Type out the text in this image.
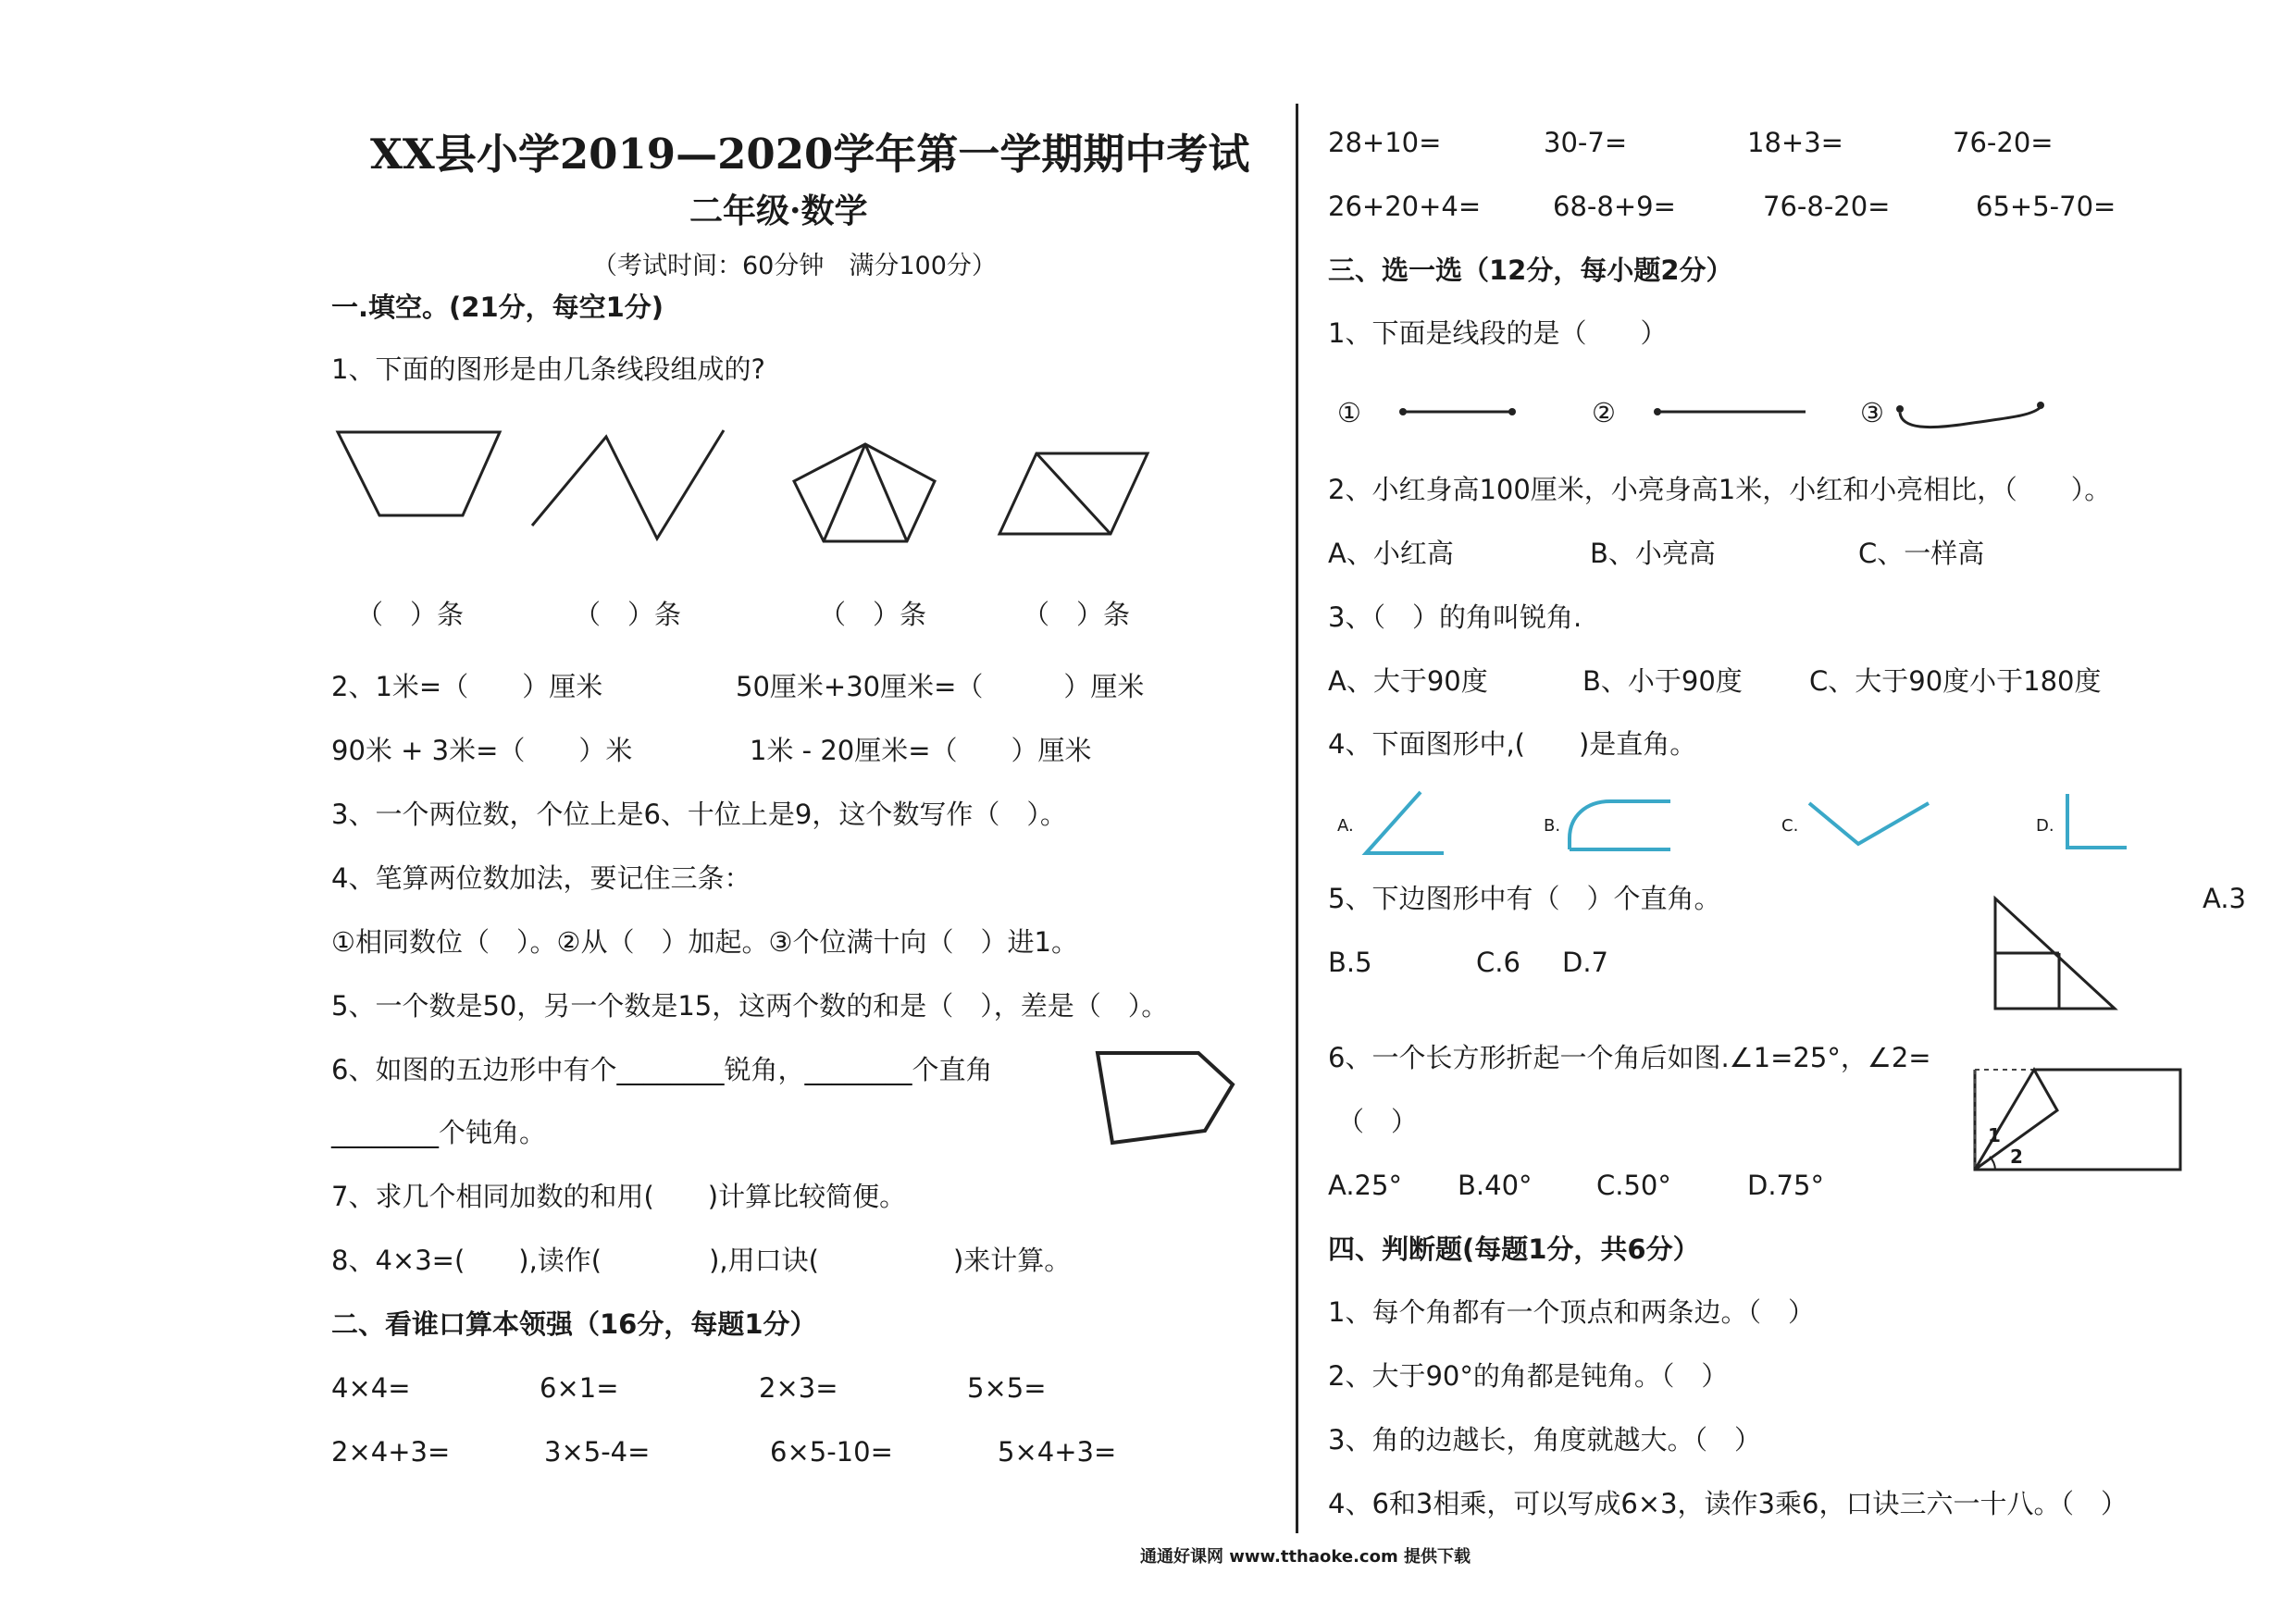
XX县小学2019—2020学年第一学期期中考试
二年级·数学
（考试时间：60分钟　满分100分）
一.填空。(21分，每空1分)
1、下面的图形是由几条线段组成的?
（　）条	（　）条	（　）条	（　）条
2、1米=（　　）厘米	50厘米+30厘米=（　　　）厘米
90米 + 3米=（　　）米	1米 - 20厘米=（　　）厘米
3、一个两位数，个位上是6、十位上是9，这个数写作（　）。
4、笔算两位数加法，要记住三条：
①相同数位（　）。②从（　）加起。③个位满十向（　）进1。
5、一个数是50，另一个数是15，这两个数的和是（　），差是（　）。
6、如图的五边形中有个________锐角，________个直角
________个钝角。
7、求几个相同加数的和用(　　)计算比较简便。
8、4×3=(　　),读作(　　　　),用口诀(　　　　　)来计算。
二、看谁口算本领强（16分，每题1分）
4×4=	6×1=	2×3=	5×5=
2×4+3=	3×5-4=	6×5-10=	5×4+3=
28+10=	30-7=	18+3=	76-20=
26+20+4=	68-8+9=	76-8-20=	65+5-70=
三、选一选（12分，每小题2分）
1、下面是线段的是（　　）
①	②	③
2、小红身高100厘米，小亮身高1米，小红和小亮相比，（　　）。
A、小红高	B、小亮高	C、一样高
3、（　）的角叫锐角.
A、大于90度	B、小于90度 C、大于90度小于180度
4、下面图形中,(　　)是直角。
A.	B.	C.	D.
5、下边图形中有（　）个直角。	A.3
B.5	C.6 D.7
6、一个长方形折起一个角后如图.∠1=25°，∠2=
（　）	1
2
A.25° B.40° C.50°	D.75°
四、判断题(每题1分，共6分）
1、每个角都有一个顶点和两条边。（　）
2、大于90°的角都是钝角。（　）
3、角的边越长，角度就越大。（　）
4、6和3相乘，可以写成6×3，读作3乘6，口诀三六一十八。（　）
通通好课网 www.tthaoke.com 提供下载
